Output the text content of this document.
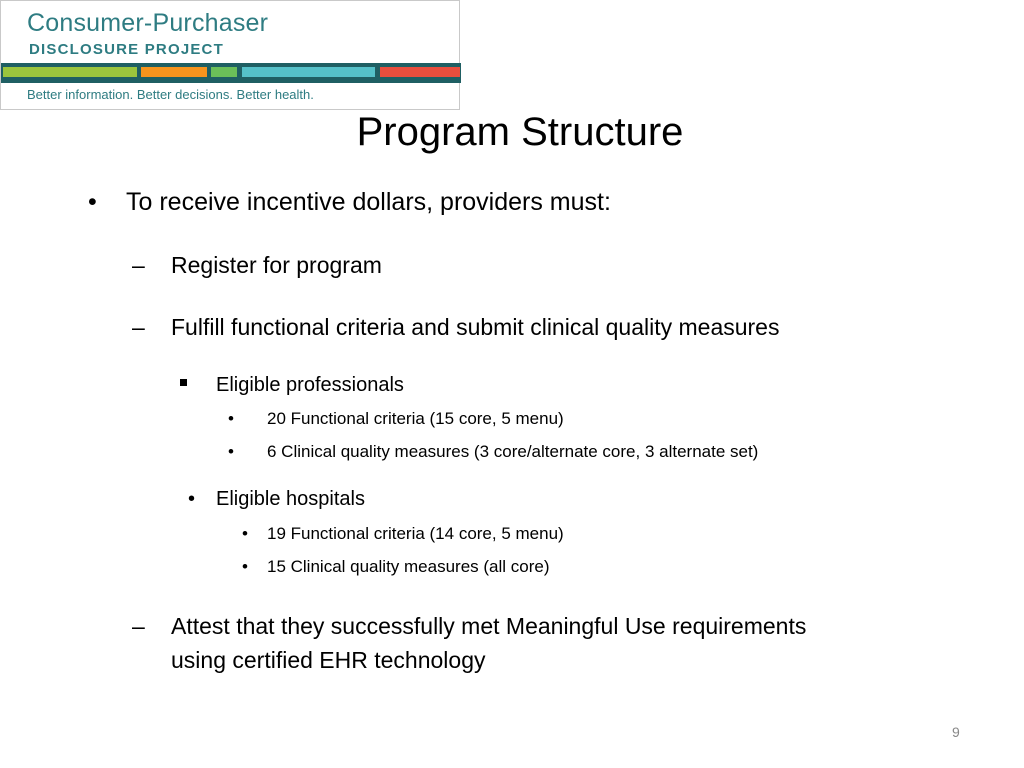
Consumer-Purchaser
DISCLOSURE PROJECT
Better information. Better decisions. Better health.
Program Structure
• To receive incentive dollars, providers must:
– Register for program
– Fulfill functional criteria and submit clinical quality measures
Eligible professionals
• 20 Functional criteria (15 core, 5 menu)
• 6 Clinical quality measures (3 core/alternate core, 3 alternate set)
• Eligible hospitals
• 19 Functional criteria (14 core, 5 menu)
• 15 Clinical quality measures (all core)
– Attest that they successfully met Meaningful Use requirements
using certified EHR technology
9
